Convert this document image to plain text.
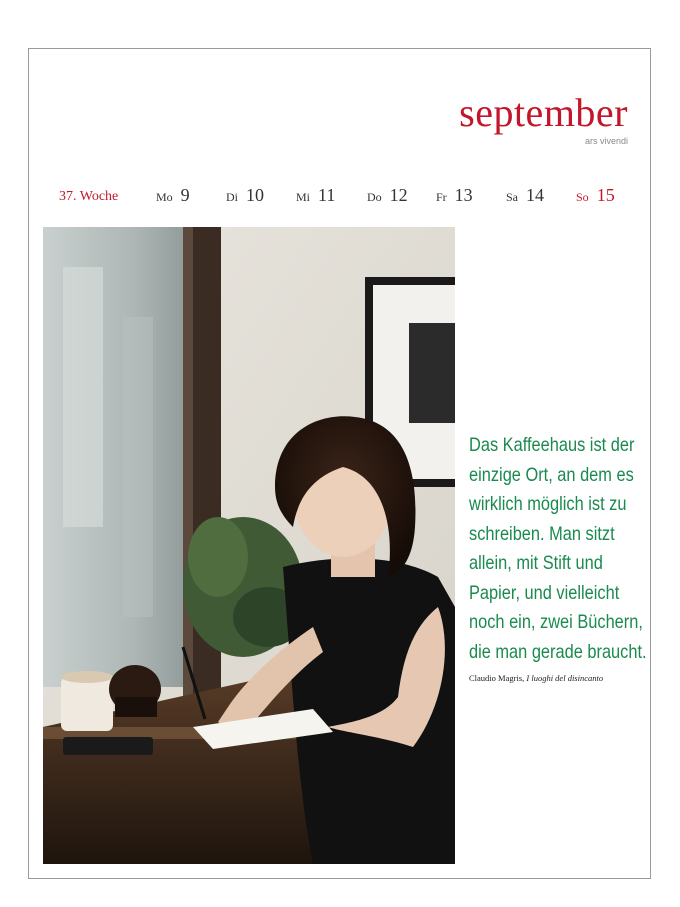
september
ars vivendi
37. Woche	Mo 9	Di 10	Mi 11	Do 12 Fr 13	Sa 14	So 15
Das Kaffeehaus ist der einzige Ort, an dem es wirklich möglich ist zu schreiben. Man sitzt allein, mit Stift und Papier, und vielleicht noch ein, zwei Büchern, die man gerade braucht.
Claudio Magris, I luoghi del disincanto
